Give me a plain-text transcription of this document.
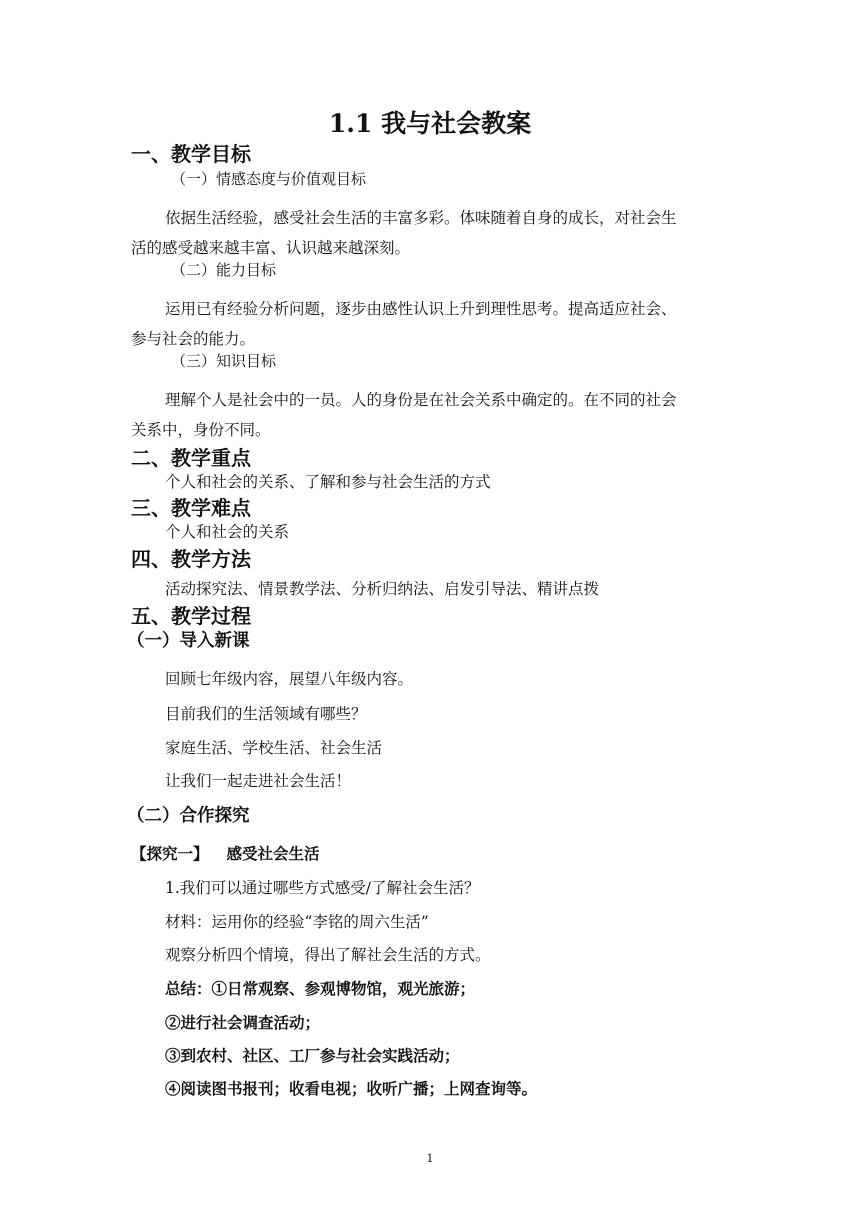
1.1 我与社会教案
一、教学目标
（一）情感态度与价值观目标
依据生活经验，感受社会生活的丰富多彩。体味随着自身的成长，对社会生
活的感受越来越丰富、认识越来越深刻。
（二）能力目标
运用已有经验分析问题，逐步由感性认识上升到理性思考。提高适应社会、
参与社会的能力。
（三）知识目标
理解个人是社会中的一员。人的身份是在社会关系中确定的。在不同的社会
关系中，身份不同。
二、教学重点
个人和社会的关系、了解和参与社会生活的方式
三、教学难点
个人和社会的关系
四、教学方法
活动探究法、情景教学法、分析归纳法、启发引导法、精讲点拨
五、教学过程
（一）导入新课
回顾七年级内容，展望八年级内容。
目前我们的生活领域有哪些？
家庭生活、学校生活、社会生活
让我们一起走进社会生活！
（二）合作探究
【探究一】 感受社会生活
1.我们可以通过哪些方式感受/了解社会生活？
材料：运用你的经验“李铭的周六生活”
观察分析四个情境，得出了解社会生活的方式。
总结：①日常观察、参观博物馆，观光旅游；
②进行社会调查活动；
③到农村、社区、工厂参与社会实践活动；
④阅读图书报刊；收看电视；收听广播；上网查询等。
1
